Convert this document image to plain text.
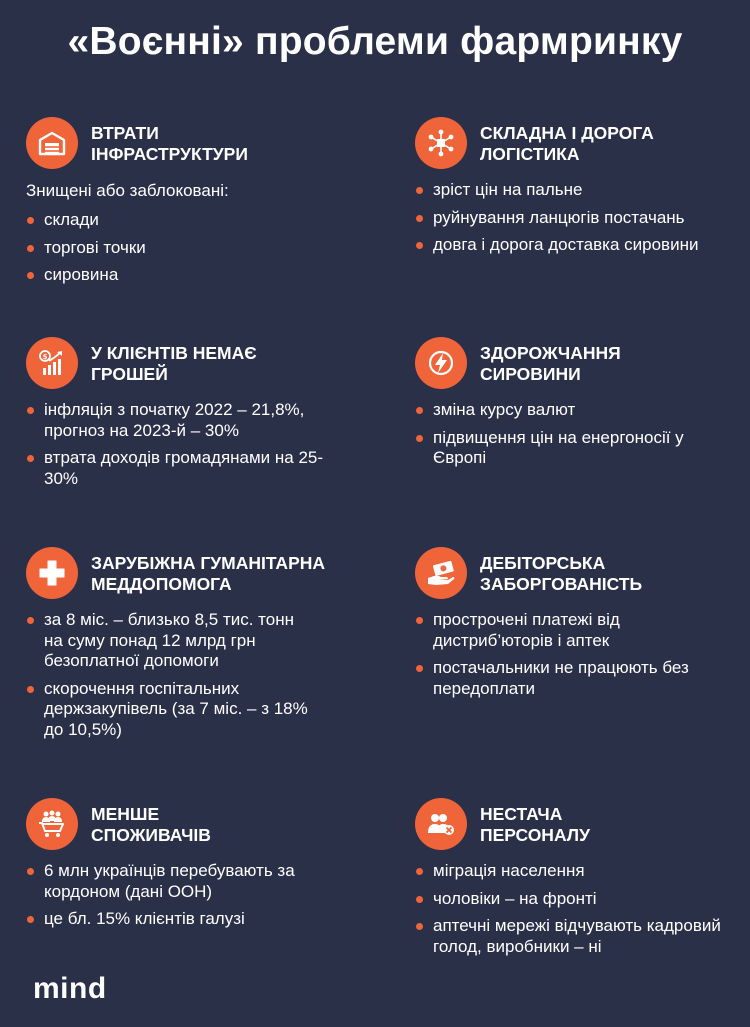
«Воєнні» проблеми фармринку
ВТРАТИ
ІНФРАСТРУКТУРИ
Знищені або заблоковані:
склади
торгові точки
сировина
СКЛАДНА І ДОРОГА
ЛОГІСТИКА
зріст цін на пальне
руйнування ланцюгів постачань
довга і дорога доставка сировини
$ У КЛІЄНТІВ НЕМАЄ
ГРОШЕЙ
інфляція з початку 2022 – 21,8%, прогноз на 2023-й – 30%
втрата доходів громадянами на 25-30%
ЗДОРОЖЧАННЯ
СИРОВИНИ
зміна курсу валют
підвищення цін на енергоносії у Європі
ЗАРУБІЖНА ГУМАНІТАРНА
МЕДДОПОМОГА
за 8 міс. – близько 8,5 тис. тонн на суму понад 12 млрд грн безоплатної допомоги
скорочення госпітальних держзакупівель (за 7 міс. – з 18% до 10,5%)
ДЕБІТОРСЬКА
ЗАБОРГОВАНІСТЬ
прострочені платежі від дистриб’юторів і аптек
постачальники не працюють без передоплати
МЕНШЕ
СПОЖИВАЧІВ
6 млн українців перебувають за кордоном (дані ООН)
це бл. 15% клієнтів галузі
НЕСТАЧА
ПЕРСОНАЛУ
міграція населення
чоловіки – на фронті
аптечні мережі відчувають кадровий голод, виробники – ні
mind
